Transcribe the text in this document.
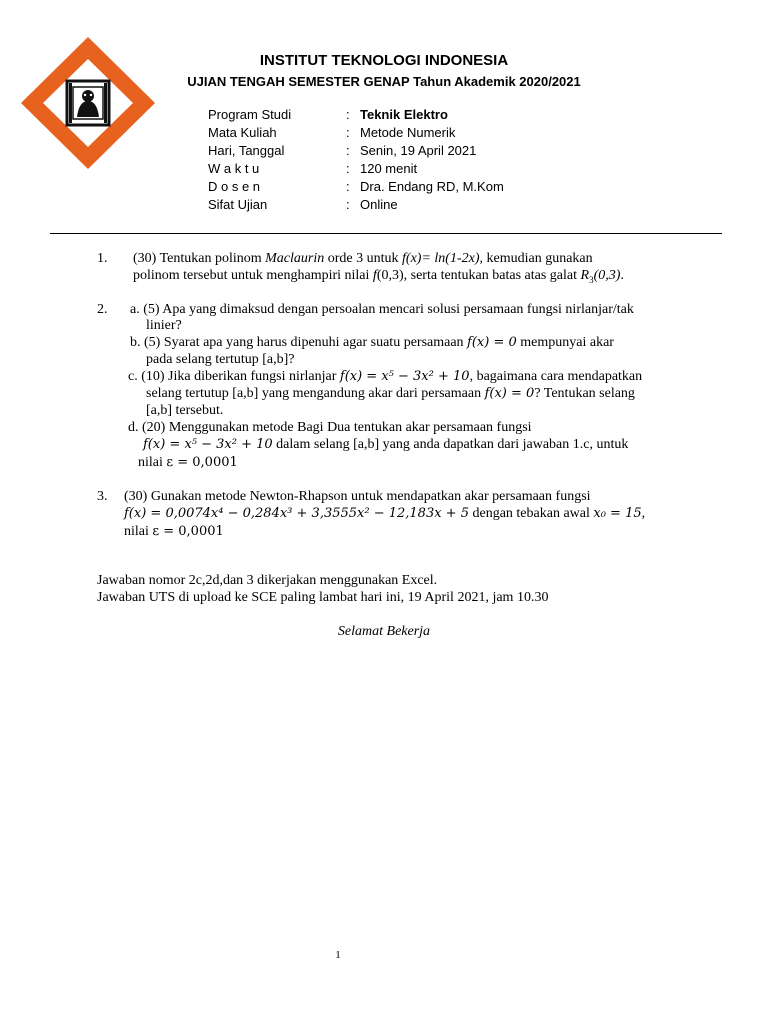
INSTITUT TEKNOLOGI INDONESIA
UJIAN TENGAH SEMESTER GENAP Tahun Akademik 2020/2021
Program Studi	: Teknik Elektro
Mata Kuliah	: Metode Numerik
Hari, Tanggal	: Senin, 19 April 2021
W a k t u	: 120 menit
D o s e n	: Dra. Endang RD, M.Kom
Sifat Ujian	: Online
1. (30) Tentukan polinom Maclaurin orde 3 untuk f(x)= ln(1-2x), kemudian gunakan
polinom tersebut untuk menghampiri nilai f(0,3), serta tentukan batas atas galat $R_3(0,3)$.
2. a. (5) Apa yang dimaksud dengan persoalan mencari solusi persamaan fungsi nirlanjar/tak
linier?
b. (5) Syarat apa yang harus dipenuhi agar suatu persamaan f(x) = 0 mempunyai akar
pada selang tertutup [a,b]?
c. (10) Jika diberikan fungsi nirlanjar f(x) = x⁵ − 3x² + 10, bagaimana cara mendapatkan
selang tertutup [a,b] yang mengandung akar dari persamaan f(x) = 0? Tentukan selang
[a,b] tersebut.
d. (20) Menggunakan metode Bagi Dua tentukan akar persamaan fungsi
f(x) = x⁵ − 3x² + 10 dalam selang [a,b] yang anda dapatkan dari jawaban 1.c, untuk
nilai ε = 0,0001
3. (30) Gunakan metode Newton-Rhapson untuk mendapatkan akar persamaan fungsi
f(x) = 0,0074x⁴ − 0,284x³ + 3,3555x² − 12,183x + 5 dengan tebakan awal x₀ = 15,
nilai ε = 0,0001
Jawaban nomor 2c,2d,dan 3 dikerjakan menggunakan Excel.
Jawaban UTS di upload ke SCE paling lambat hari ini, 19 April 2021, jam 10.30
Selamat Bekerja
1
